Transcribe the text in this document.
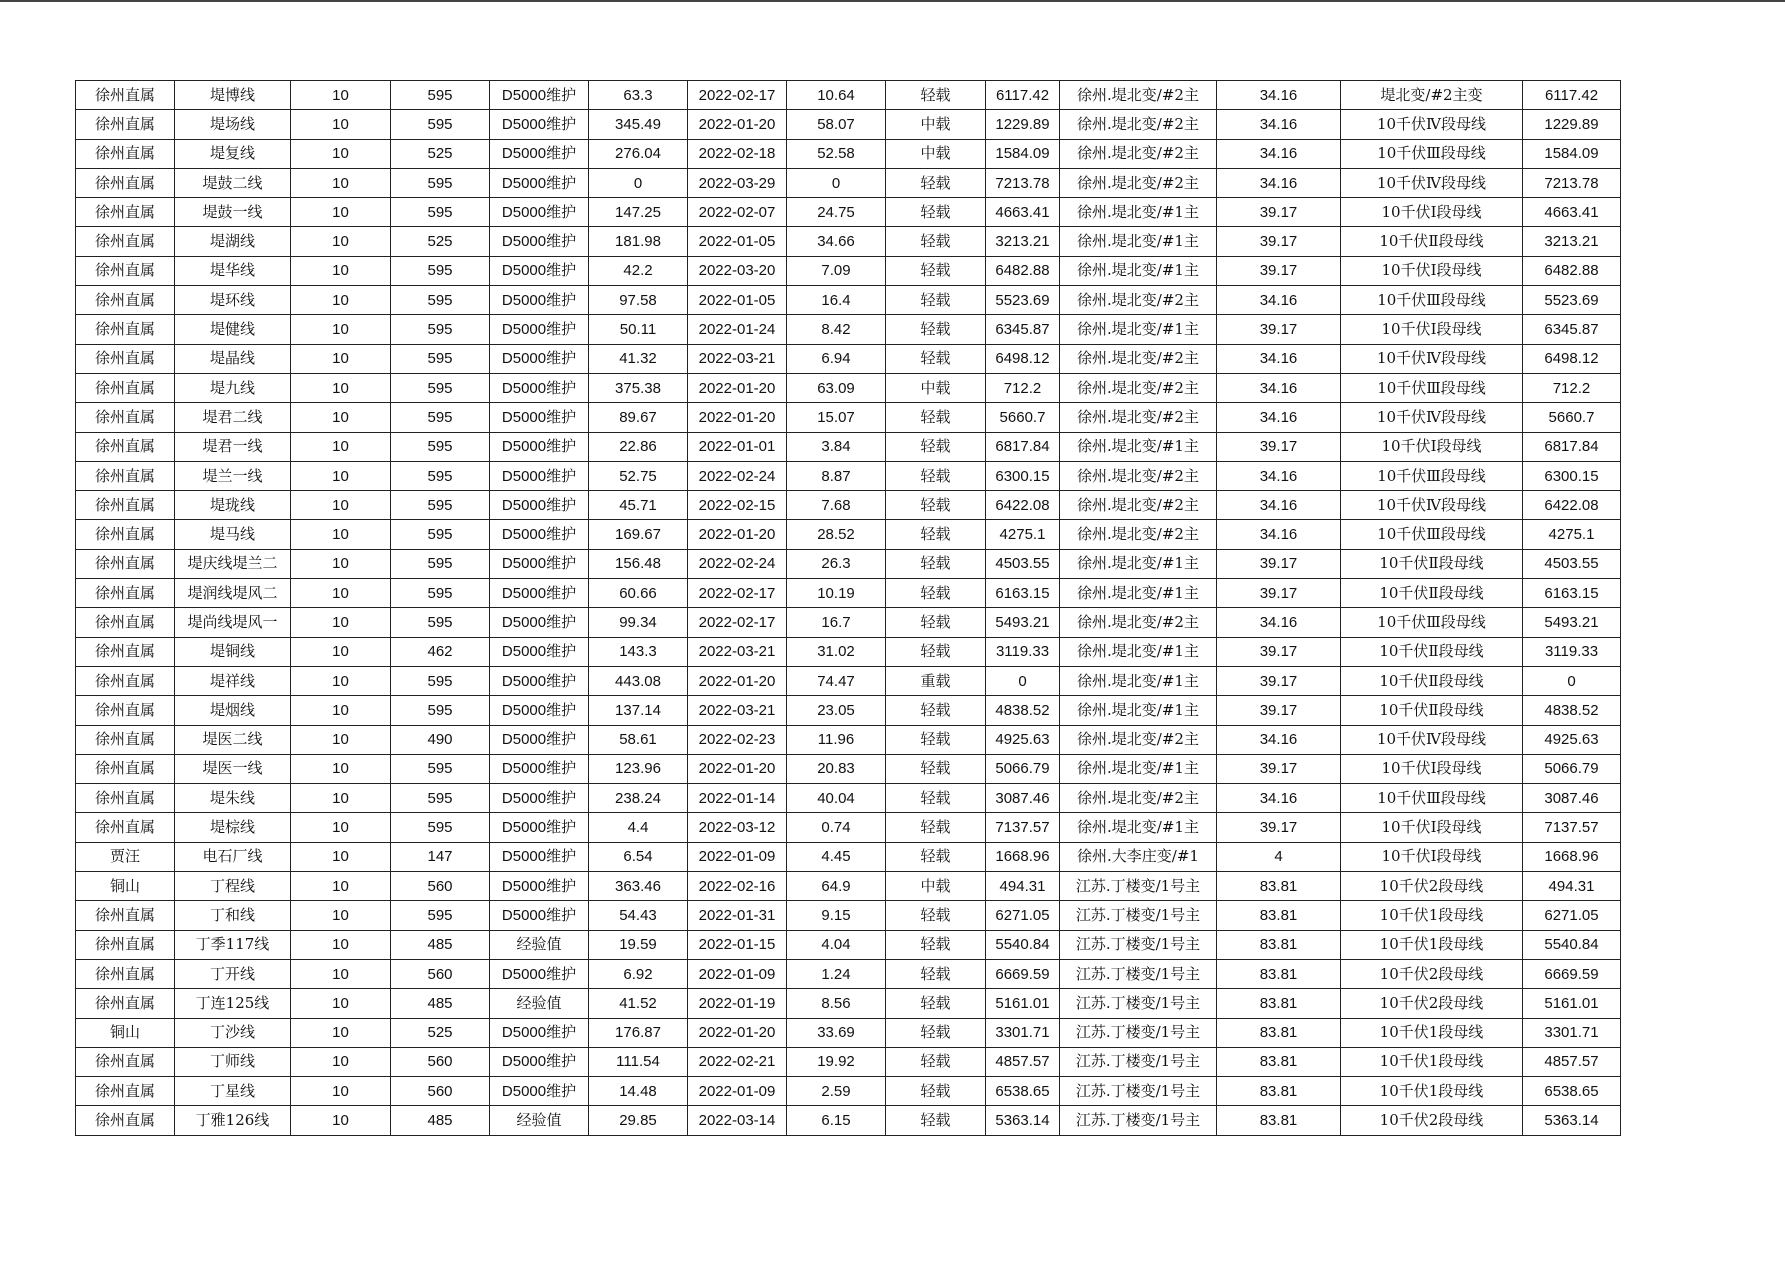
徐州直属	堤博线	10	595	D5000维护	63.3	2022-02-17	10.64	轻载	6117.42	徐州.堤北变/#2主	34.16	堤北变/#2主变	6117.42
徐州直属	堤场线	10	595	D5000维护	345.49	2022-01-20	58.07	中载	1229.89	徐州.堤北变/#2主	34.16	10千伏Ⅳ段母线	1229.89
徐州直属	堤复线	10	525	D5000维护	276.04	2022-02-18	52.58	中载	1584.09	徐州.堤北变/#2主	34.16	10千伏Ⅲ段母线	1584.09
徐州直属	堤鼓二线	10	595	D5000维护	0	2022-03-29	0	轻载	7213.78	徐州.堤北变/#2主	34.16	10千伏Ⅳ段母线	7213.78
徐州直属	堤鼓一线	10	595	D5000维护	147.25	2022-02-07	24.75	轻载	4663.41	徐州.堤北变/#1主	39.17	10千伏Ⅰ段母线	4663.41
徐州直属	堤湖线	10	525	D5000维护	181.98	2022-01-05	34.66	轻载	3213.21	徐州.堤北变/#1主	39.17	10千伏Ⅱ段母线	3213.21
徐州直属	堤华线	10	595	D5000维护	42.2	2022-03-20	7.09	轻载	6482.88	徐州.堤北变/#1主	39.17	10千伏Ⅰ段母线	6482.88
徐州直属	堤环线	10	595	D5000维护	97.58	2022-01-05	16.4	轻载	5523.69	徐州.堤北变/#2主	34.16	10千伏Ⅲ段母线	5523.69
徐州直属	堤健线	10	595	D5000维护	50.11	2022-01-24	8.42	轻载	6345.87	徐州.堤北变/#1主	39.17	10千伏Ⅰ段母线	6345.87
徐州直属	堤晶线	10	595	D5000维护	41.32	2022-03-21	6.94	轻载	6498.12	徐州.堤北变/#2主	34.16	10千伏Ⅳ段母线	6498.12
徐州直属	堤九线	10	595	D5000维护	375.38	2022-01-20	63.09	中载	712.2	徐州.堤北变/#2主	34.16	10千伏Ⅲ段母线	712.2
徐州直属	堤君二线	10	595	D5000维护	89.67	2022-01-20	15.07	轻载	5660.7	徐州.堤北变/#2主	34.16	10千伏Ⅳ段母线	5660.7
徐州直属	堤君一线	10	595	D5000维护	22.86	2022-01-01	3.84	轻载	6817.84	徐州.堤北变/#1主	39.17	10千伏Ⅰ段母线	6817.84
徐州直属	堤兰一线	10	595	D5000维护	52.75	2022-02-24	8.87	轻载	6300.15	徐州.堤北变/#2主	34.16	10千伏Ⅲ段母线	6300.15
徐州直属	堤珑线	10	595	D5000维护	45.71	2022-02-15	7.68	轻载	6422.08	徐州.堤北变/#2主	34.16	10千伏Ⅳ段母线	6422.08
徐州直属	堤马线	10	595	D5000维护	169.67	2022-01-20	28.52	轻载	4275.1	徐州.堤北变/#2主	34.16	10千伏Ⅲ段母线	4275.1
徐州直属	堤庆线堤兰二	10	595	D5000维护	156.48	2022-02-24	26.3	轻载	4503.55	徐州.堤北变/#1主	39.17	10千伏Ⅱ段母线	4503.55
徐州直属	堤润线堤风二	10	595	D5000维护	60.66	2022-02-17	10.19	轻载	6163.15	徐州.堤北变/#1主	39.17	10千伏Ⅱ段母线	6163.15
徐州直属	堤尚线堤风一	10	595	D5000维护	99.34	2022-02-17	16.7	轻载	5493.21	徐州.堤北变/#2主	34.16	10千伏Ⅲ段母线	5493.21
徐州直属	堤铜线	10	462	D5000维护	143.3	2022-03-21	31.02	轻载	3119.33	徐州.堤北变/#1主	39.17	10千伏Ⅱ段母线	3119.33
徐州直属	堤祥线	10	595	D5000维护	443.08	2022-01-20	74.47	重载	0	徐州.堤北变/#1主	39.17	10千伏Ⅱ段母线	0
徐州直属	堤烟线	10	595	D5000维护	137.14	2022-03-21	23.05	轻载	4838.52	徐州.堤北变/#1主	39.17	10千伏Ⅱ段母线	4838.52
徐州直属	堤医二线	10	490	D5000维护	58.61	2022-02-23	11.96	轻载	4925.63	徐州.堤北变/#2主	34.16	10千伏Ⅳ段母线	4925.63
徐州直属	堤医一线	10	595	D5000维护	123.96	2022-01-20	20.83	轻载	5066.79	徐州.堤北变/#1主	39.17	10千伏Ⅰ段母线	5066.79
徐州直属	堤朱线	10	595	D5000维护	238.24	2022-01-14	40.04	轻载	3087.46	徐州.堤北变/#2主	34.16	10千伏Ⅲ段母线	3087.46
徐州直属	堤棕线	10	595	D5000维护	4.4	2022-03-12	0.74	轻载	7137.57	徐州.堤北变/#1主	39.17	10千伏Ⅰ段母线	7137.57
贾汪	电石厂线	10	147	D5000维护	6.54	2022-01-09	4.45	轻载	1668.96	徐州.大李庄变/#1	4	10千伏Ⅰ段母线	1668.96
铜山	丁程线	10	560	D5000维护	363.46	2022-02-16	64.9	中载	494.31	江苏.丁楼变/1号主	83.81	10千伏2段母线	494.31
徐州直属	丁和线	10	595	D5000维护	54.43	2022-01-31	9.15	轻载	6271.05	江苏.丁楼变/1号主	83.81	10千伏1段母线	6271.05
徐州直属	丁季117线	10	485	经验值	19.59	2022-01-15	4.04	轻载	5540.84	江苏.丁楼变/1号主	83.81	10千伏1段母线	5540.84
徐州直属	丁开线	10	560	D5000维护	6.92	2022-01-09	1.24	轻载	6669.59	江苏.丁楼变/1号主	83.81	10千伏2段母线	6669.59
徐州直属	丁连125线	10	485	经验值	41.52	2022-01-19	8.56	轻载	5161.01	江苏.丁楼变/1号主	83.81	10千伏2段母线	5161.01
铜山	丁沙线	10	525	D5000维护	176.87	2022-01-20	33.69	轻载	3301.71	江苏.丁楼变/1号主	83.81	10千伏1段母线	3301.71
徐州直属	丁师线	10	560	D5000维护	111.54	2022-02-21	19.92	轻载	4857.57	江苏.丁楼变/1号主	83.81	10千伏1段母线	4857.57
徐州直属	丁星线	10	560	D5000维护	14.48	2022-01-09	2.59	轻载	6538.65	江苏.丁楼变/1号主	83.81	10千伏1段母线	6538.65
徐州直属	丁雅126线	10	485	经验值	29.85	2022-03-14	6.15	轻载	5363.14	江苏.丁楼变/1号主	83.81	10千伏2段母线	5363.14
